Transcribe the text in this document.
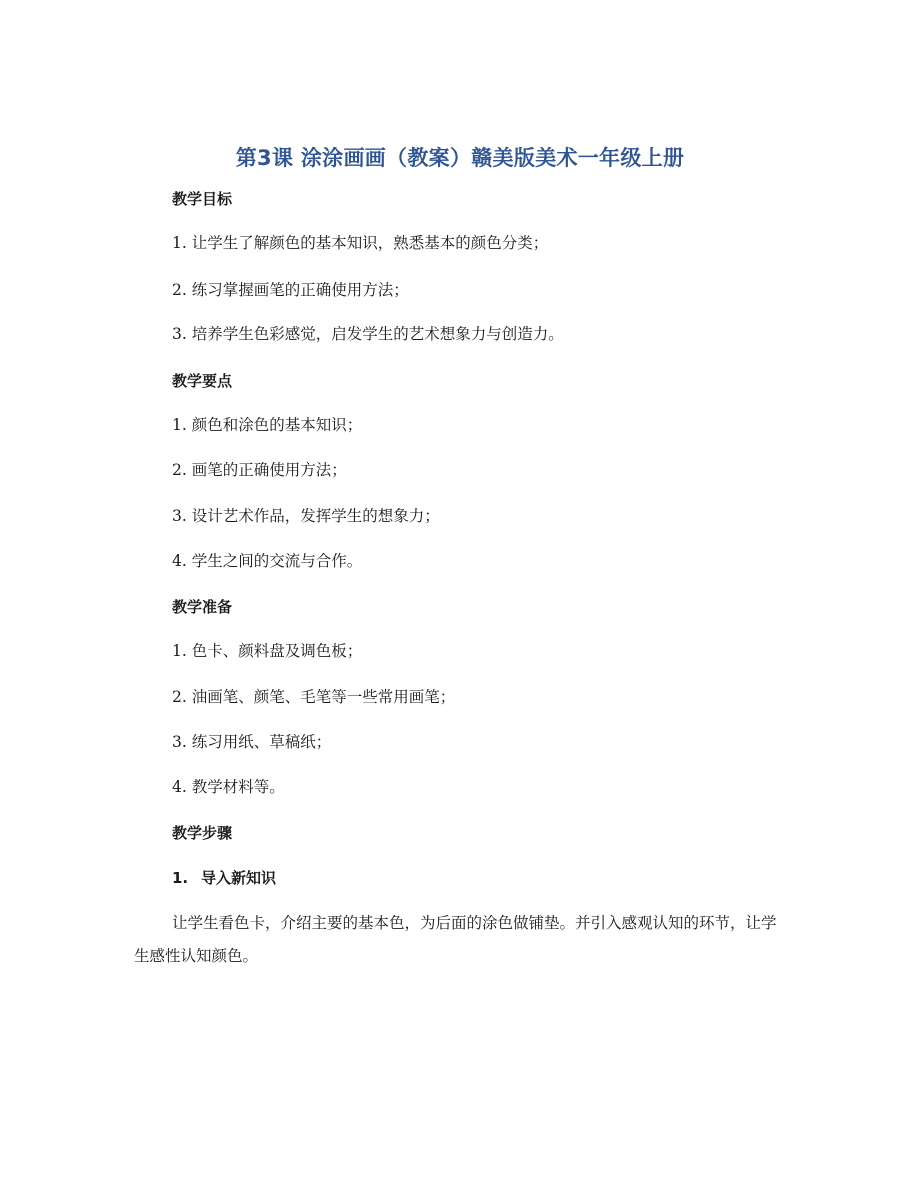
第3课 涂涂画画（教案）赣美版美术一年级上册
教学目标
1. 让学生了解颜色的基本知识，熟悉基本的颜色分类；
2. 练习掌握画笔的正确使用方法；
3. 培养学生色彩感觉，启发学生的艺术想象力与创造力。
教学要点
1. 颜色和涂色的基本知识；
2. 画笔的正确使用方法；
3. 设计艺术作品，发挥学生的想象力；
4. 学生之间的交流与合作。
教学准备
1. 色卡、颜料盘及调色板；
2. 油画笔、颜笔、毛笔等一些常用画笔；
3. 练习用纸、草稿纸；
4. 教学材料等。
教学步骤
1. 导入新知识
让学生看色卡，介绍主要的基本色，为后面的涂色做铺垫。并引入感观认知的环节，让学生感性认知颜色。
